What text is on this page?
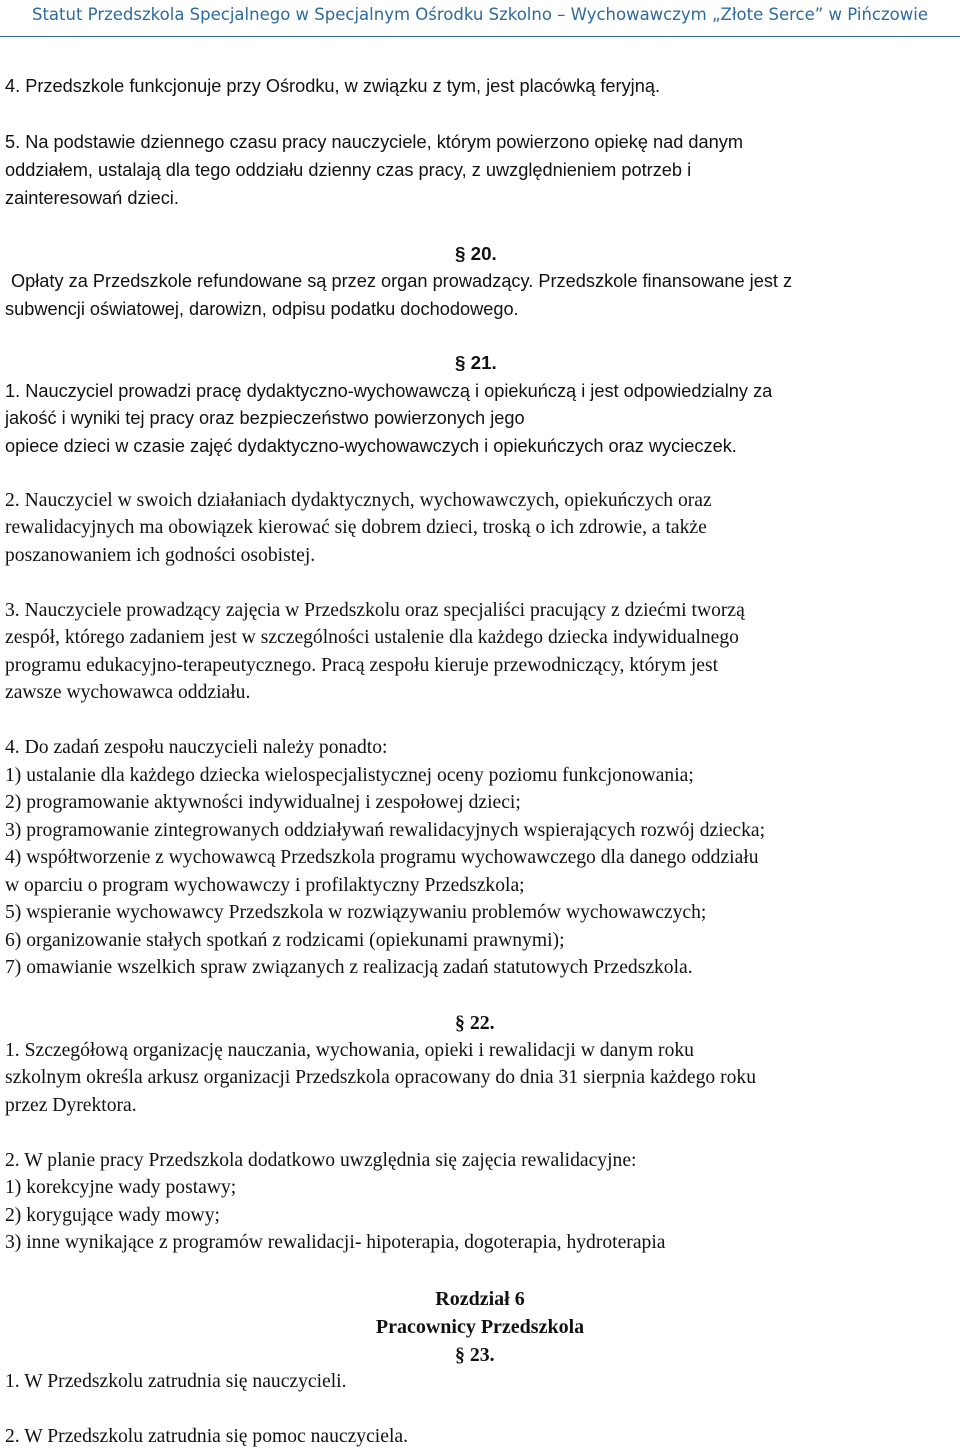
Statut Przedszkola Specjalnego w Specjalnym Ośrodku Szkolno – Wychowawczym „Złote Serce” w Pińczowie
4. Przedszkole funkcjonuje przy Ośrodku, w związku z tym, jest placówką feryjną.
5. Na podstawie dziennego czasu pracy nauczyciele, którym powierzono opiekę nad danym
oddziałem, ustalają dla tego oddziału dzienny czas pracy, z uwzględnieniem potrzeb i
zainteresowań dzieci.
§ 20.
Opłaty za Przedszkole refundowane są przez organ prowadzący. Przedszkole finansowane jest z
subwencji oświatowej, darowizn, odpisu podatku dochodowego.
§ 21.
1. Nauczyciel prowadzi pracę dydaktyczno-wychowawczą i opiekuńczą i jest odpowiedzialny za
jakość i wyniki tej pracy oraz bezpieczeństwo powierzonych jego
opiece dzieci w czasie zajęć dydaktyczno-wychowawczych i opiekuńczych oraz wycieczek.
2. Nauczyciel w swoich działaniach dydaktycznych, wychowawczych, opiekuńczych oraz
rewalidacyjnych ma obowiązek kierować się dobrem dzieci, troską o ich zdrowie, a także
poszanowaniem ich godności osobistej.
3. Nauczyciele prowadzący zajęcia w Przedszkolu oraz specjaliści pracujący z dziećmi tworzą
zespół, którego zadaniem jest w szczególności ustalenie dla każdego dziecka indywidualnego
programu edukacyjno-terapeutycznego. Pracą zespołu kieruje przewodniczący, którym jest
zawsze wychowawca oddziału.
4. Do zadań zespołu nauczycieli należy ponadto:
1) ustalanie dla każdego dziecka wielospecjalistycznej oceny poziomu funkcjonowania;
2) programowanie aktywności indywidualnej i zespołowej dzieci;
3) programowanie zintegrowanych oddziaływań rewalidacyjnych wspierających rozwój dziecka;
4) współtworzenie z wychowawcą Przedszkola programu wychowawczego dla danego oddziału
w oparciu o program wychowawczy i profilaktyczny Przedszkola;
5) wspieranie wychowawcy Przedszkola w rozwiązywaniu problemów wychowawczych;
6) organizowanie stałych spotkań z rodzicami (opiekunami prawnymi);
7) omawianie wszelkich spraw związanych z realizacją zadań statutowych Przedszkola.
§ 22.
1. Szczegółową organizację nauczania, wychowania, opieki i rewalidacji w danym roku
szkolnym określa arkusz organizacji Przedszkola opracowany do dnia 31 sierpnia każdego roku
przez Dyrektora.
2. W planie pracy Przedszkola dodatkowo uwzględnia się zajęcia rewalidacyjne:
1) korekcyjne wady postawy;
2) korygujące wady mowy;
3) inne wynikające z programów rewalidacji- hipoterapia, dogoterapia, hydroterapia
Rozdział 6
Pracownicy Przedszkola
§ 23.
1. W Przedszkolu zatrudnia się nauczycieli.
2. W Przedszkolu zatrudnia się pomoc nauczyciela.
